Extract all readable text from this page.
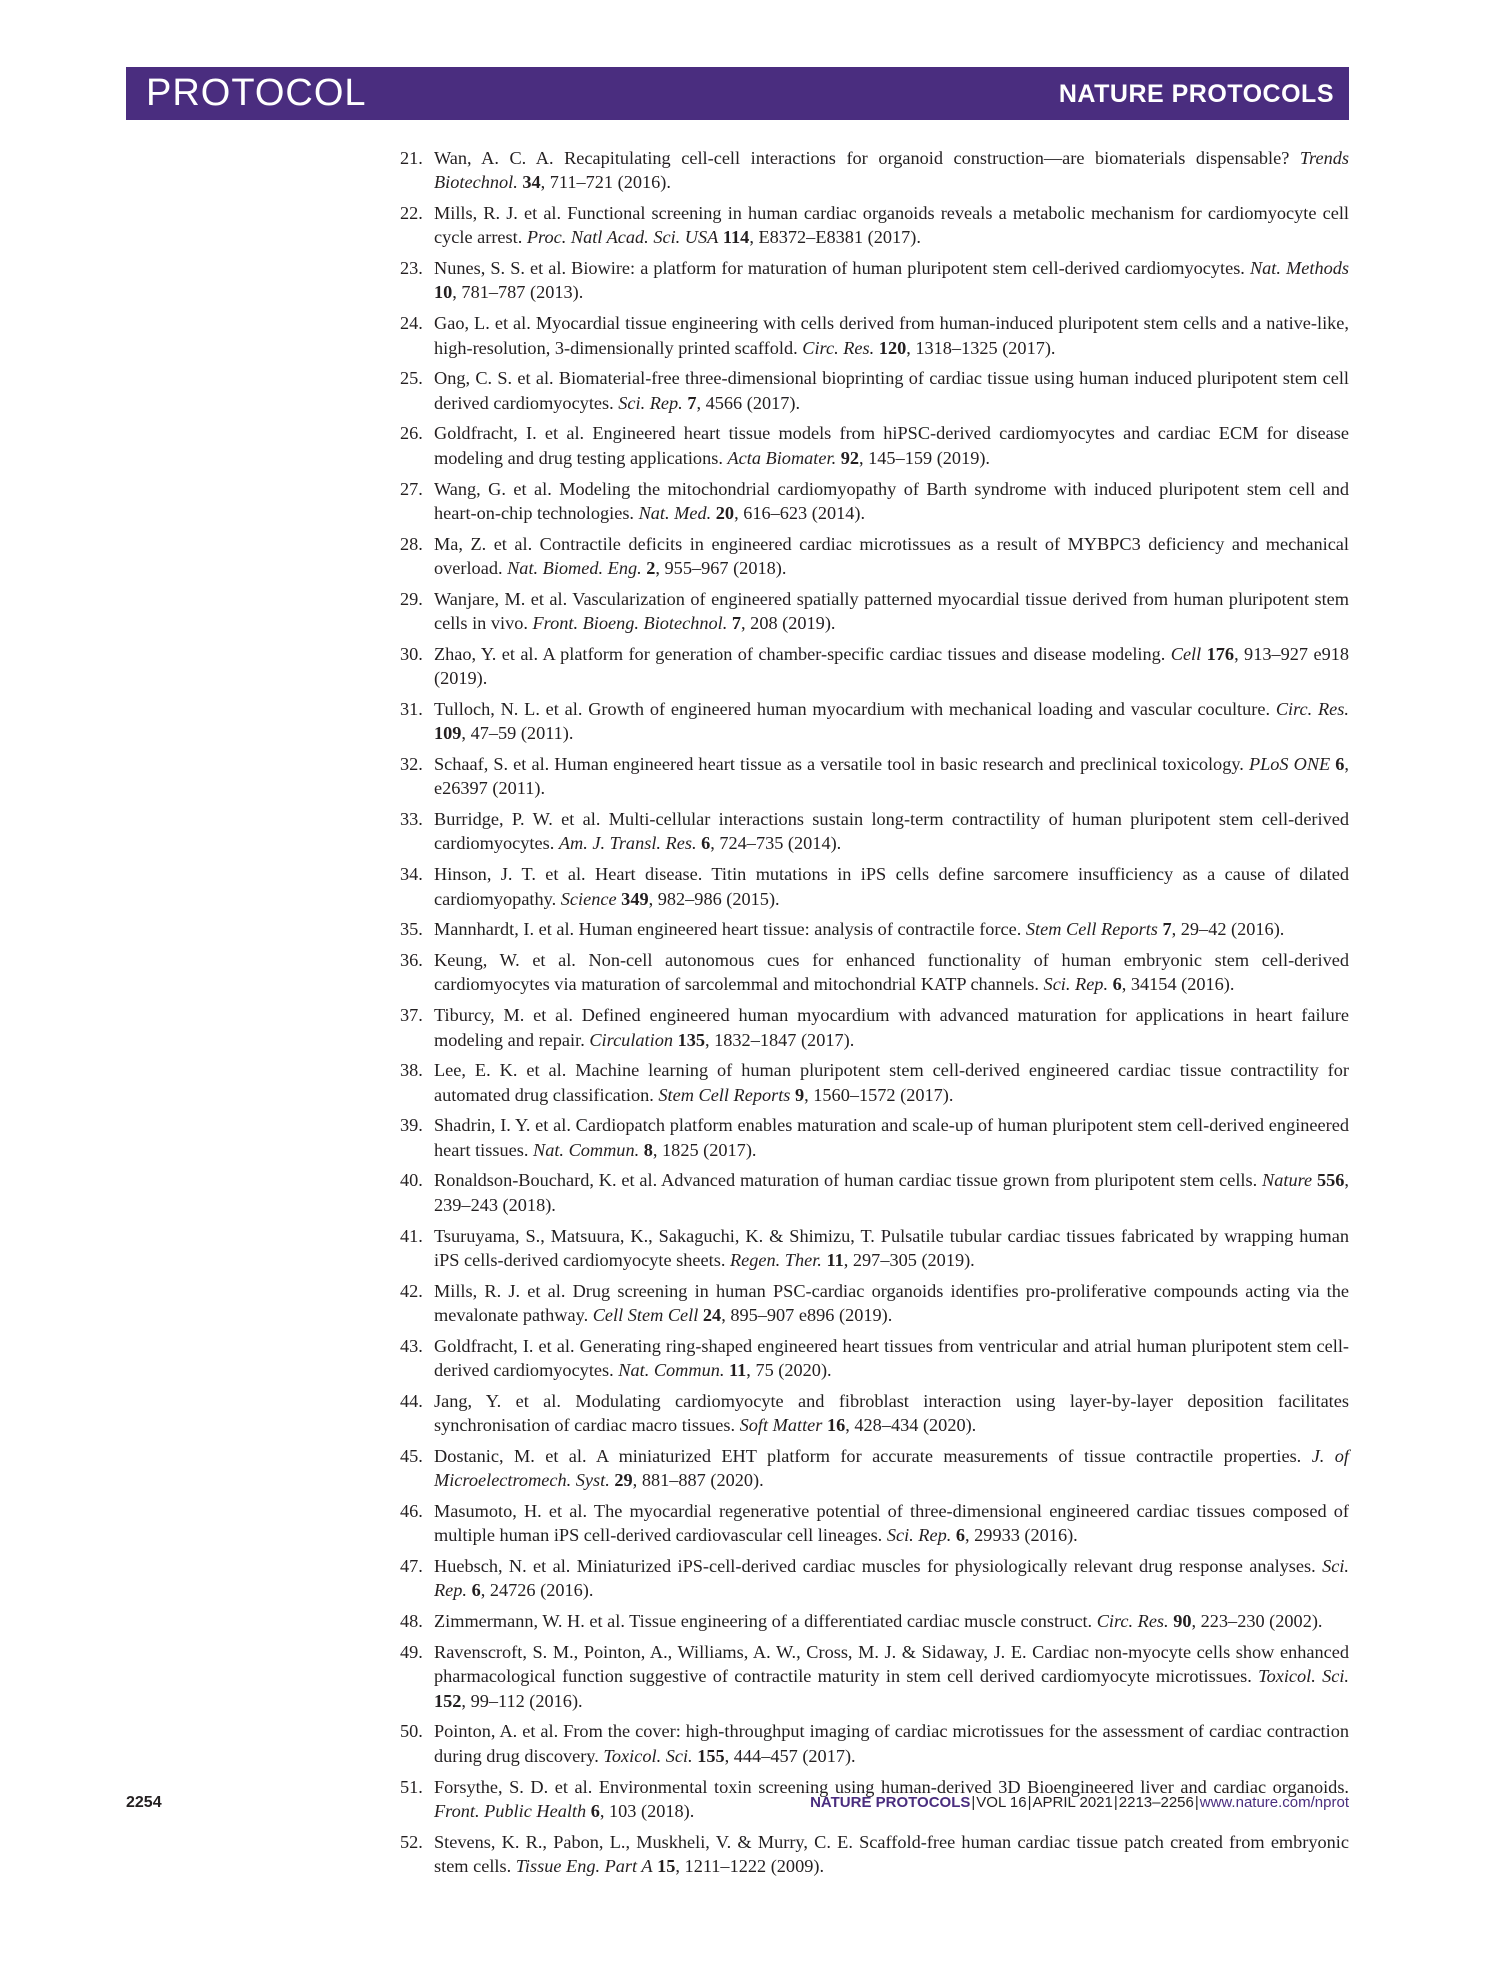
PROTOCOL	NATURE PROTOCOLS
21. Wan, A. C. A. Recapitulating cell-cell interactions for organoid construction—are biomaterials dispensable? Trends Biotechnol. 34, 711–721 (2016).
22. Mills, R. J. et al. Functional screening in human cardiac organoids reveals a metabolic mechanism for cardiomyocyte cell cycle arrest. Proc. Natl Acad. Sci. USA 114, E8372–E8381 (2017).
23. Nunes, S. S. et al. Biowire: a platform for maturation of human pluripotent stem cell-derived cardiomyocytes. Nat. Methods 10, 781–787 (2013).
24. Gao, L. et al. Myocardial tissue engineering with cells derived from human-induced pluripotent stem cells and a native-like, high-resolution, 3-dimensionally printed scaffold. Circ. Res. 120, 1318–1325 (2017).
25. Ong, C. S. et al. Biomaterial-free three-dimensional bioprinting of cardiac tissue using human induced pluripotent stem cell derived cardiomyocytes. Sci. Rep. 7, 4566 (2017).
26. Goldfracht, I. et al. Engineered heart tissue models from hiPSC-derived cardiomyocytes and cardiac ECM for disease modeling and drug testing applications. Acta Biomater. 92, 145–159 (2019).
27. Wang, G. et al. Modeling the mitochondrial cardiomyopathy of Barth syndrome with induced pluripotent stem cell and heart-on-chip technologies. Nat. Med. 20, 616–623 (2014).
28. Ma, Z. et al. Contractile deficits in engineered cardiac microtissues as a result of MYBPC3 deficiency and mechanical overload. Nat. Biomed. Eng. 2, 955–967 (2018).
29. Wanjare, M. et al. Vascularization of engineered spatially patterned myocardial tissue derived from human pluripotent stem cells in vivo. Front. Bioeng. Biotechnol. 7, 208 (2019).
30. Zhao, Y. et al. A platform for generation of chamber-specific cardiac tissues and disease modeling. Cell 176, 913–927 e918 (2019).
31. Tulloch, N. L. et al. Growth of engineered human myocardium with mechanical loading and vascular coculture. Circ. Res. 109, 47–59 (2011).
32. Schaaf, S. et al. Human engineered heart tissue as a versatile tool in basic research and preclinical toxicology. PLoS ONE 6, e26397 (2011).
33. Burridge, P. W. et al. Multi-cellular interactions sustain long-term contractility of human pluripotent stem cell-derived cardiomyocytes. Am. J. Transl. Res. 6, 724–735 (2014).
34. Hinson, J. T. et al. Heart disease. Titin mutations in iPS cells define sarcomere insufficiency as a cause of dilated cardiomyopathy. Science 349, 982–986 (2015).
35. Mannhardt, I. et al. Human engineered heart tissue: analysis of contractile force. Stem Cell Reports 7, 29–42 (2016).
36. Keung, W. et al. Non-cell autonomous cues for enhanced functionality of human embryonic stem cell-derived cardiomyocytes via maturation of sarcolemmal and mitochondrial KATP channels. Sci. Rep. 6, 34154 (2016).
37. Tiburcy, M. et al. Defined engineered human myocardium with advanced maturation for applications in heart failure modeling and repair. Circulation 135, 1832–1847 (2017).
38. Lee, E. K. et al. Machine learning of human pluripotent stem cell-derived engineered cardiac tissue contractility for automated drug classification. Stem Cell Reports 9, 1560–1572 (2017).
39. Shadrin, I. Y. et al. Cardiopatch platform enables maturation and scale-up of human pluripotent stem cell-derived engineered heart tissues. Nat. Commun. 8, 1825 (2017).
40. Ronaldson-Bouchard, K. et al. Advanced maturation of human cardiac tissue grown from pluripotent stem cells. Nature 556, 239–243 (2018).
41. Tsuruyama, S., Matsuura, K., Sakaguchi, K. & Shimizu, T. Pulsatile tubular cardiac tissues fabricated by wrapping human iPS cells-derived cardiomyocyte sheets. Regen. Ther. 11, 297–305 (2019).
42. Mills, R. J. et al. Drug screening in human PSC-cardiac organoids identifies pro-proliferative compounds acting via the mevalonate pathway. Cell Stem Cell 24, 895–907 e896 (2019).
43. Goldfracht, I. et al. Generating ring-shaped engineered heart tissues from ventricular and atrial human pluripotent stem cell-derived cardiomyocytes. Nat. Commun. 11, 75 (2020).
44. Jang, Y. et al. Modulating cardiomyocyte and fibroblast interaction using layer-by-layer deposition facilitates synchronisation of cardiac macro tissues. Soft Matter 16, 428–434 (2020).
45. Dostanic, M. et al. A miniaturized EHT platform for accurate measurements of tissue contractile properties. J. of Microelectromech. Syst. 29, 881–887 (2020).
46. Masumoto, H. et al. The myocardial regenerative potential of three-dimensional engineered cardiac tissues composed of multiple human iPS cell-derived cardiovascular cell lineages. Sci. Rep. 6, 29933 (2016).
47. Huebsch, N. et al. Miniaturized iPS-cell-derived cardiac muscles for physiologically relevant drug response analyses. Sci. Rep. 6, 24726 (2016).
48. Zimmermann, W. H. et al. Tissue engineering of a differentiated cardiac muscle construct. Circ. Res. 90, 223–230 (2002).
49. Ravenscroft, S. M., Pointon, A., Williams, A. W., Cross, M. J. & Sidaway, J. E. Cardiac non-myocyte cells show enhanced pharmacological function suggestive of contractile maturity in stem cell derived cardiomyocyte microtissues. Toxicol. Sci. 152, 99–112 (2016).
50. Pointon, A. et al. From the cover: high-throughput imaging of cardiac microtissues for the assessment of cardiac contraction during drug discovery. Toxicol. Sci. 155, 444–457 (2017).
51. Forsythe, S. D. et al. Environmental toxin screening using human-derived 3D Bioengineered liver and cardiac organoids. Front. Public Health 6, 103 (2018).
52. Stevens, K. R., Pabon, L., Muskheli, V. & Murry, C. E. Scaffold-free human cardiac tissue patch created from embryonic stem cells. Tissue Eng. Part A 15, 1211–1222 (2009).
2254	NATURE PROTOCOLS|VOL 16|APRIL 2021|2213–2256|www.nature.com/nprot
